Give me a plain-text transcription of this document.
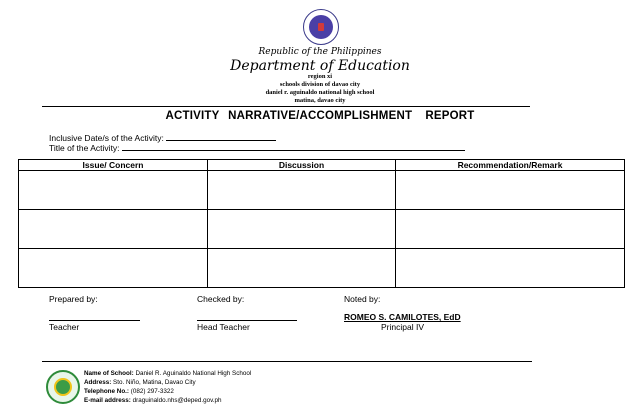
Republic of the Philippines
Department of Education
region xi
schools division of davao city
daniel r. aguinaldo national high school
matina, davao city
ACTIVITY  NARRATIVE/ACCOMPLISHMENT   REPORT
Inclusive Date/s of the Activity:
Title of the Activity:
Issue/ Concern	Discussion	Recommendation/Remark

Prepared by:
Teacher
Checked by:
Head Teacher
Noted by:
ROMEO S. CAMILOTES, EdD
Principal IV
Name of School: Daniel R. Aguinaldo National High School
Address: Sto. Niño, Matina, Davao City
Telephone No.: (082) 297-3322
E-mail address: draguinaldo.nhs@deped.gov.ph
